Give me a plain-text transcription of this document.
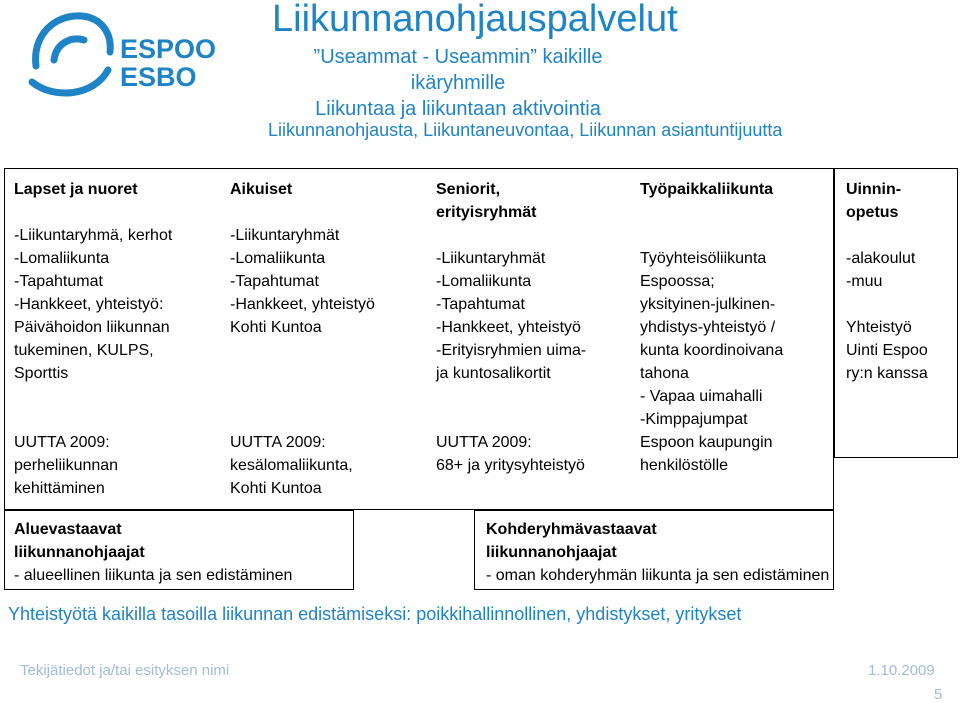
ESPOO
ESBO
Liikunnanohjauspalvelut
”Useammat - Useammin” kaikille ikäryhmille
Liikuntaa ja liikuntaan aktivointia
Liikunnanohjausta, Liikuntaneuvontaa, Liikunnan asiantuntijuutta
Lapset ja nuoret
-Liikuntaryhmä, kerhot
-Lomaliikunta
-Tapahtumat
-Hankkeet, yhteistyö:
Päivähoidon liikunnan
tukeminen, KULPS,
Sporttis
UUTTA 2009:
perheliikunnan
kehittäminen
Aikuiset
-Liikuntaryhmät
-Lomaliikunta
-Tapahtumat
-Hankkeet, yhteistyö
Kohti Kuntoa
UUTTA 2009:
kesälomaliikunta,
Kohti Kuntoa
Seniorit,
erityisryhmät
-Liikuntaryhmät
-Lomaliikunta
-Tapahtumat
-Hankkeet, yhteistyö
-Erityisryhmien uima-
ja kuntosalikortit
UUTTA 2009:
68+ ja yritysyhteistyö
Työpaikkaliikunta
Työyhteisöliikunta
Espoossa;
yksityinen-julkinen-
yhdistys-yhteistyö /
kunta koordinoivana
tahona
- Vapaa uimahalli
-Kimppajumpat
Espoon kaupungin
henkilöstölle
Uinnin-
opetus
-alakoulut
-muu
Yhteistyö
Uinti Espoo
ry:n kanssa
Aluevastaavat
liikunnanohjaajat
- alueellinen liikunta ja sen edistäminen
Kohderyhmävastaavat
liikunnanohjaajat
- oman kohderyhmän liikunta ja sen edistäminen
Yhteistyötä kaikilla tasoilla liikunnan edistämiseksi: poikkihallinnollinen, yhdistykset, yritykset
Tekijätiedot ja/tai esityksen nimi	1.10.2009
5
